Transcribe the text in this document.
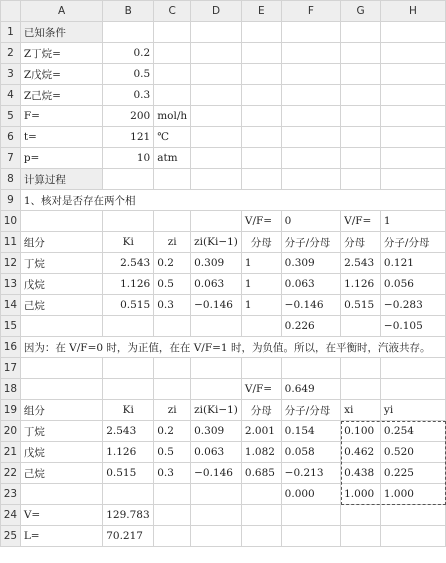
	A	B	C	D	E	F	G	H
1	已知条件							
2	Z丁烷=	0.2						
3	Z戊烷=	0.5						
4	Z己烷=	0.3						
5	F=	200	mol/h					
6	t=	121	℃					
7	p=	10	atm					
8	计算过程							
9	1、核对是否存在两个相							
10					V/F=	0	V/F=	1
11	组分	Ki	zi	zi(Ki−1)	分母	分子/分母	分母	分子/分母
12	丁烷	2.543	0.2	0.309	1	0.309	2.543	0.121
13	戊烷	1.126	0.5	0.063	1	0.063	1.126	0.056
14	己烷	0.515	0.3	−0.146	1	−0.146	0.515	−0.283
15						0.226		−0.105
16	因为：在 V/F=0 时，为正值，在在 V/F=1 时，为负值。所以，在平衡时，汽液共存。							
17								
18					V/F=	0.649		
19	组分	Ki	zi	zi(Ki−1)	分母	分子/分母	xi	yi
20	丁烷	2.543	0.2	0.309	2.001	0.154	0.100	0.254
21	戊烷	1.126	0.5	0.063	1.082	0.058	0.462	0.520
22	己烷	0.515	0.3	−0.146	0.685	−0.213	0.438	0.225
23						0.000	1.000	1.000
24	V=	129.783						
25	L=	70.217						
